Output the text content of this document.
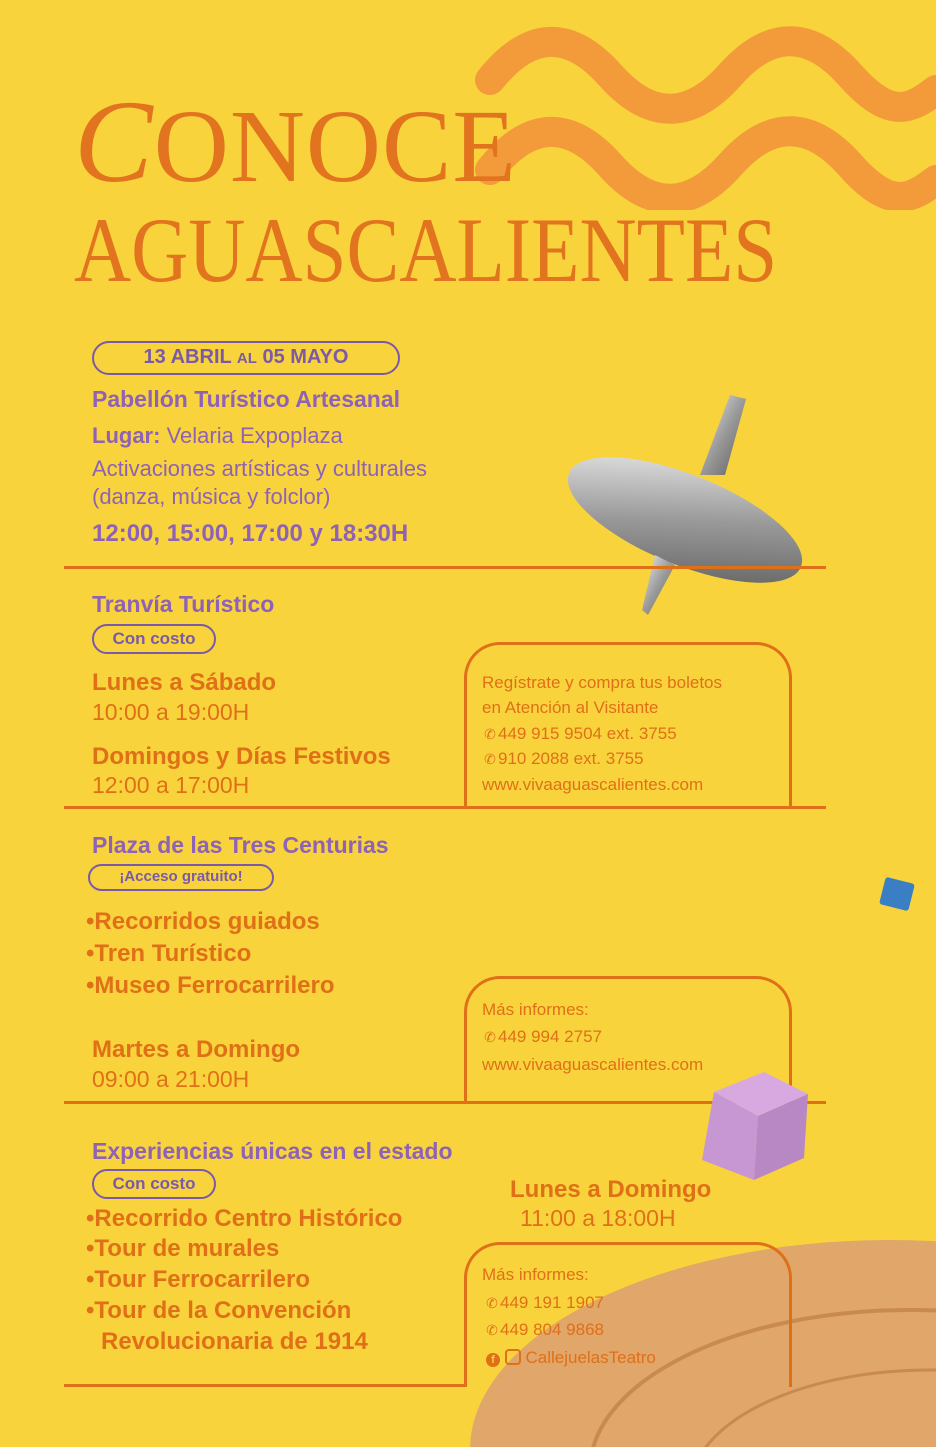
CONOCE

AGUASCALIENTES

13 ABRIL AL 05 MAYO

Pabellón Turístico Artesanal

Lugar: Velaria Expoplaza

Activaciones artísticas y culturales

(danza, música y folclor)

12:00, 15:00, 17:00 y 18:30H

Tranvía Turístico

Con costo

Lunes a Sábado

10:00 a 19:00H

Domingos y Días Festivos

12:00 a 17:00H

Regístrate y compra tus boletos

en Atención al Visitante

✆ 449 915 9504 ext. 3755

✆ 910 2088 ext. 3755

www.vivaaguascalientes.com

Plaza de las Tres Centurias

¡Acceso gratuito!

•Recorridos guiados

•Tren Turístico

•Museo Ferrocarrilero

Martes a Domingo

09:00 a 21:00H

Más informes:

✆ 449 994 2757

www.vivaaguascalientes.com

Experiencias únicas en el estado

Con costo

•Recorrido Centro Histórico

•Tour de murales

•Tour Ferrocarrilero

•Tour de la Convención

Revolucionaria de 1914

Lunes a Domingo

11:00 a 18:00H

Más informes:

✆ 449 191 1907

✆ 449 804 9868

f CallejuelasTeatro
